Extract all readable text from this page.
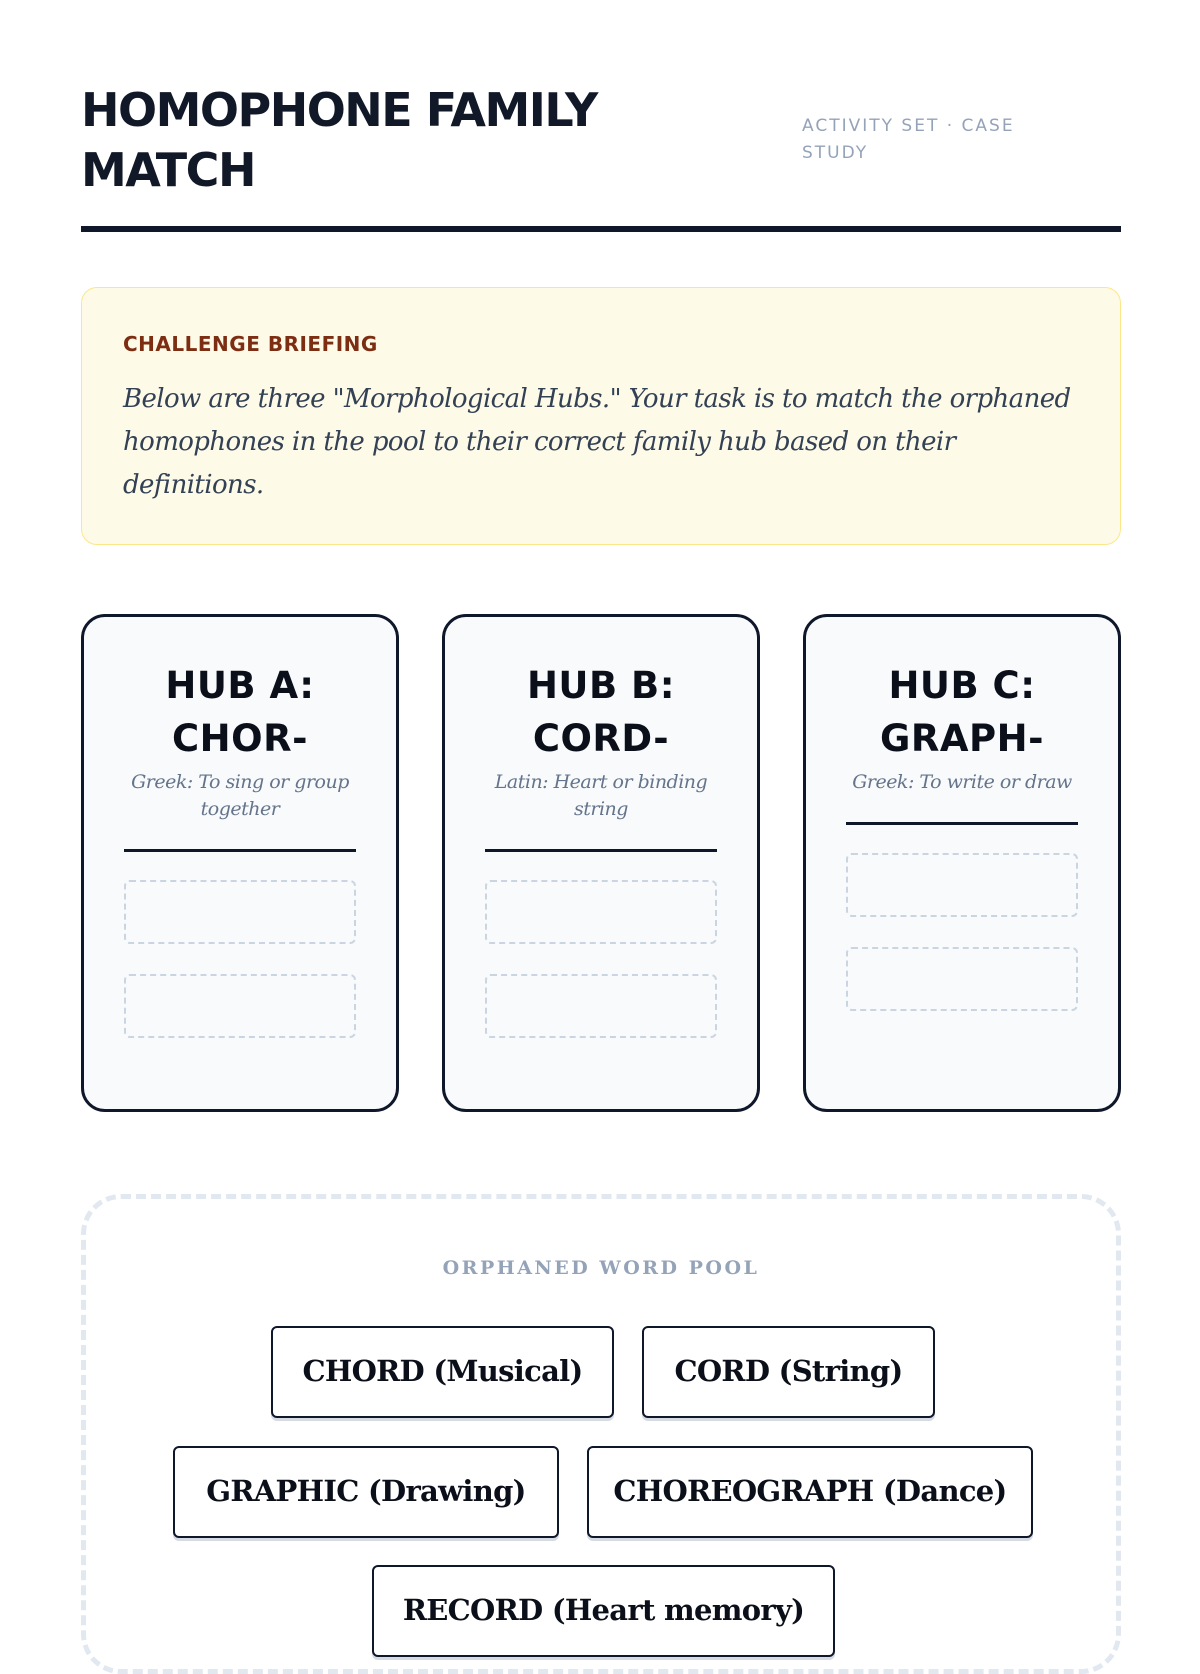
HOMOPHONE FAMILY MATCH
ACTIVITY SET · CASE STUDY
CHALLENGE BRIEFING
Below are three "Morphological Hubs." Your task is to match the orphaned homophones in the pool to their correct family hub based on their definitions.
HUB A: CHOR-
Greek: To sing or group together
HUB B: CORD-
Latin: Heart or binding string
HUB C: GRAPH-
Greek: To write or draw
ORPHANED WORD POOL
CHORD (Musical)	CORD (String)
GRAPHIC (Drawing)	CHOREOGRAPH (Dance)
RECORD (Heart memory)
